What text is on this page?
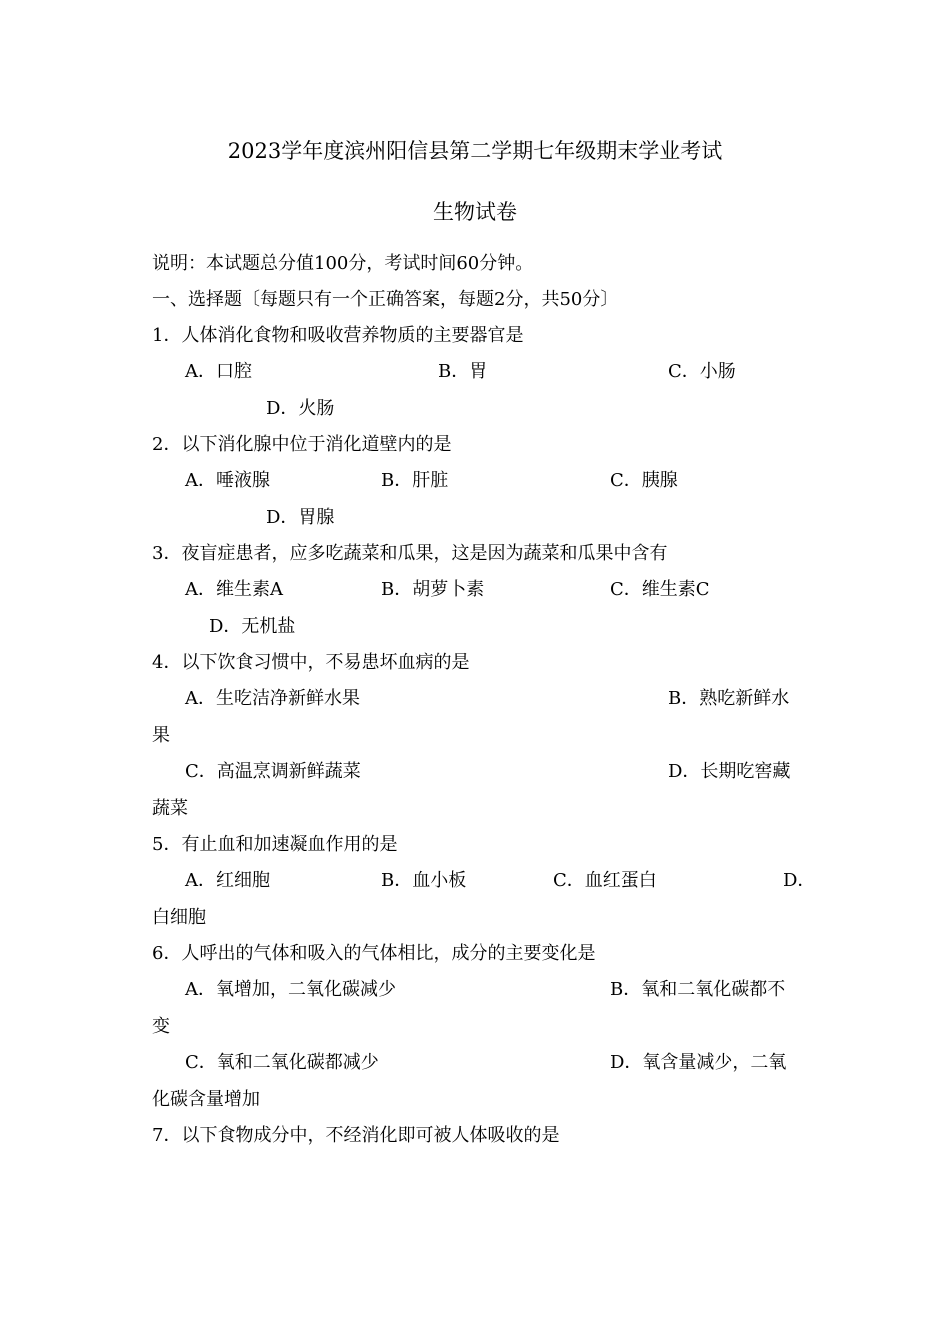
2023学年度滨州阳信县第二学期七年级期末学业考试
生物试卷
说明：本试题总分值100分，考试时间60分钟。
一、选择题〔每题只有一个正确答案，每题2分，共50分〕
1．人体消化食物和吸收营养物质的主要器官是
A．口腔	B．胃	C．小肠
D．火肠
2．以下消化腺中位于消化道壁内的是
A．唾液腺	B．肝脏	C．胰腺
D．胃腺
3．夜盲症患者，应多吃蔬菜和瓜果，这是因为蔬菜和瓜果中含有
A．维生素A	B．胡萝卜素	C．维生素C
D．无机盐
4．以下饮食习惯中，不易患坏血病的是
A．生吃洁净新鲜水果	B．熟吃新鲜水
果
C．高温烹调新鲜蔬菜	D．长期吃窖藏
蔬菜
5．有止血和加速凝血作用的是
A．红细胞	B．血小板	C．血红蛋白	D．
白细胞
6．人呼出的气体和吸入的气体相比，成分的主要变化是
A．氧增加，二氧化碳减少	B．氧和二氧化碳都不
变
C．氧和二氧化碳都减少	D．氧含量减少，二氧
化碳含量增加
7．以下食物成分中，不经消化即可被人体吸收的是
